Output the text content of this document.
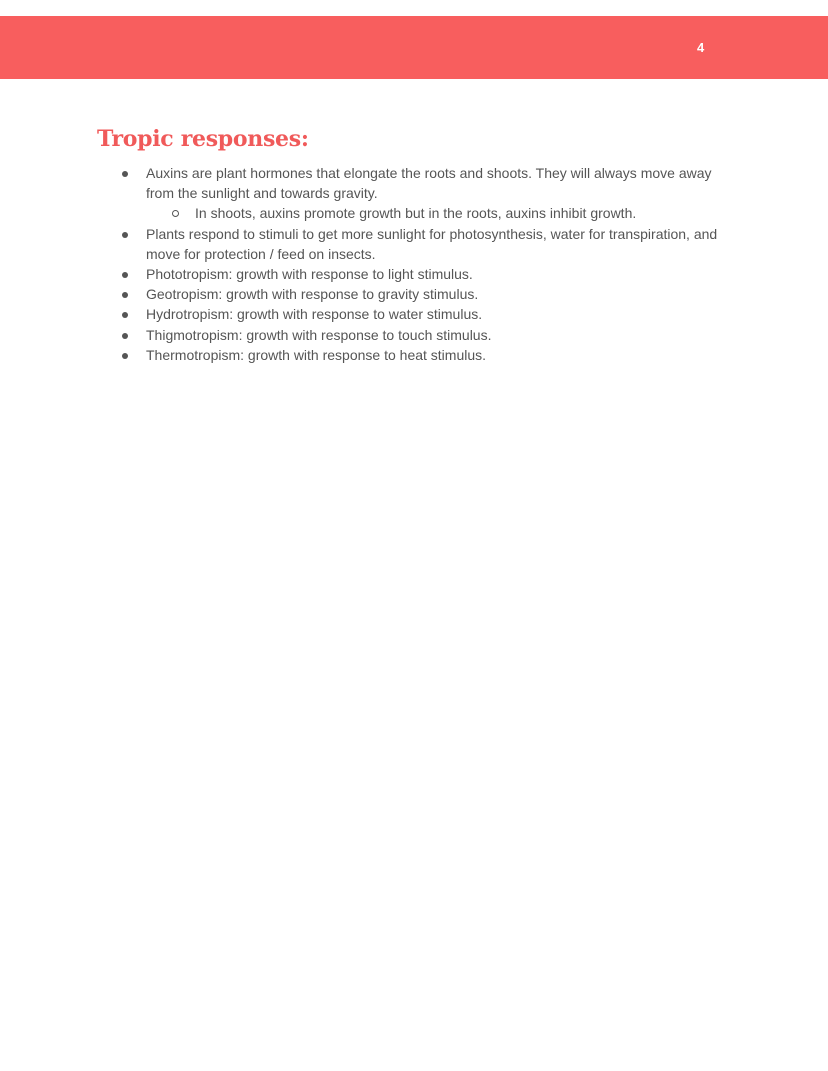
4
Tropic responses:
Auxins are plant hormones that elongate the roots and shoots. They will always move away from the sunlight and towards gravity.
In shoots, auxins promote growth but in the roots, auxins inhibit growth.
Plants respond to stimuli to get more sunlight for photosynthesis, water for transpiration, and move for protection / feed on insects.
Phototropism: growth with response to light stimulus.
Geotropism: growth with response to gravity stimulus.
Hydrotropism: growth with response to water stimulus.
Thigmotropism: growth with response to touch stimulus.
Thermotropism: growth with response to heat stimulus.
